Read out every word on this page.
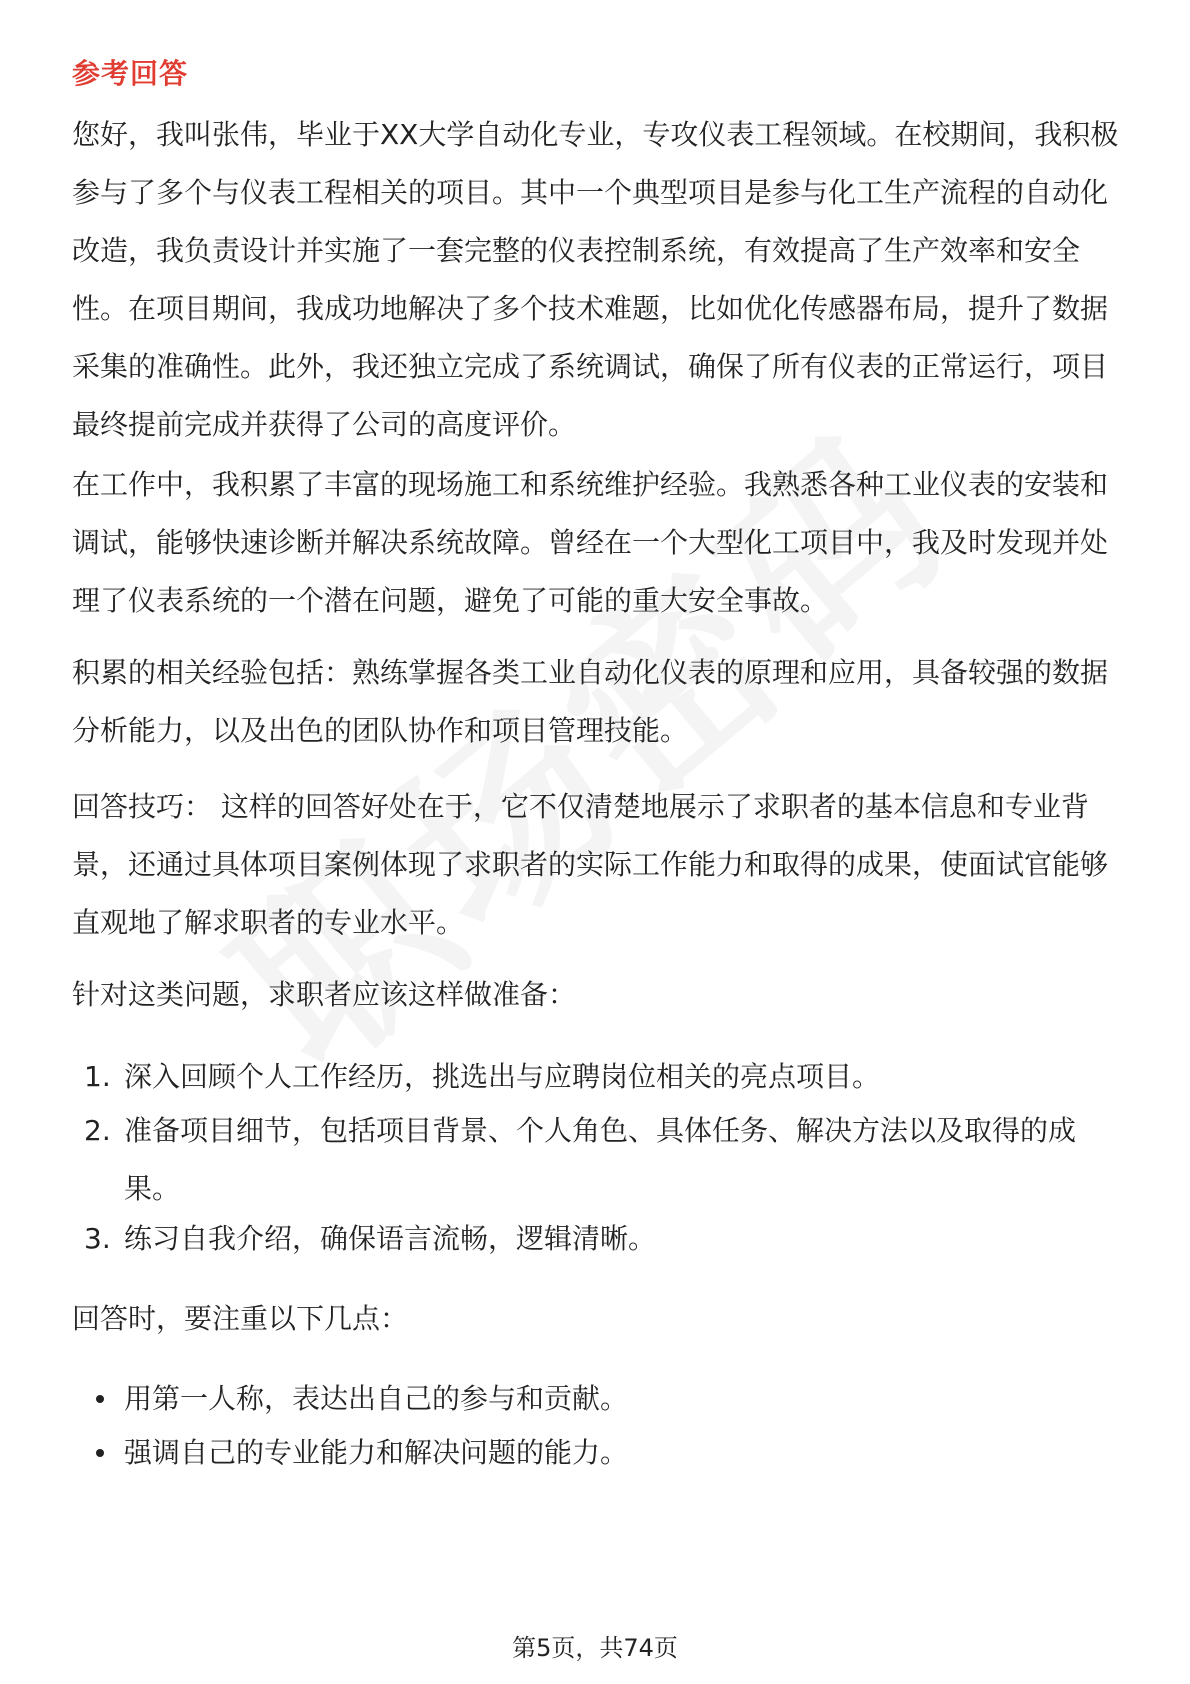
参考回答

您好，我叫张伟，毕业于XX大学自动化专业，专攻仪表工程领域。在校期间，我积极参与了多个与仪表工程相关的项目。其中一个典型项目是参与化工生产流程的自动化改造，我负责设计并实施了一套完整的仪表控制系统，有效提高了生产效率和安全性。在项目期间，我成功地解决了多个技术难题，比如优化传感器布局，提升了数据采集的准确性。此外，我还独立完成了系统调试，确保了所有仪表的正常运行，项目最终提前完成并获得了公司的高度评价。

在工作中，我积累了丰富的现场施工和系统维护经验。我熟悉各种工业仪表的安装和调试，能够快速诊断并解决系统故障。曾经在一个大型化工项目中，我及时发现并处理了仪表系统的一个潜在问题，避免了可能的重大安全事故。

积累的相关经验包括：熟练掌握各类工业自动化仪表的原理和应用，具备较强的数据分析能力，以及出色的团队协作和项目管理技能。

回答技巧： 这样的回答好处在于，它不仅清楚地展示了求职者的基本信息和专业背景，还通过具体项目案例体现了求职者的实际工作能力和取得的成果，使面试官能够直观地了解求职者的专业水平。

针对这类问题，求职者应该这样做准备：

1. 深入回顾个人工作经历，挑选出与应聘岗位相关的亮点项目。
2. 准备项目细节，包括项目背景、个人角色、具体任务、解决方法以及取得的成果。
3. 练习自我介绍，确保语言流畅，逻辑清晰。

回答时，要注重以下几点：

用第一人称，表达出自己的参与和贡献。
强调自己的专业能力和解决问题的能力。
第5页，共74页
